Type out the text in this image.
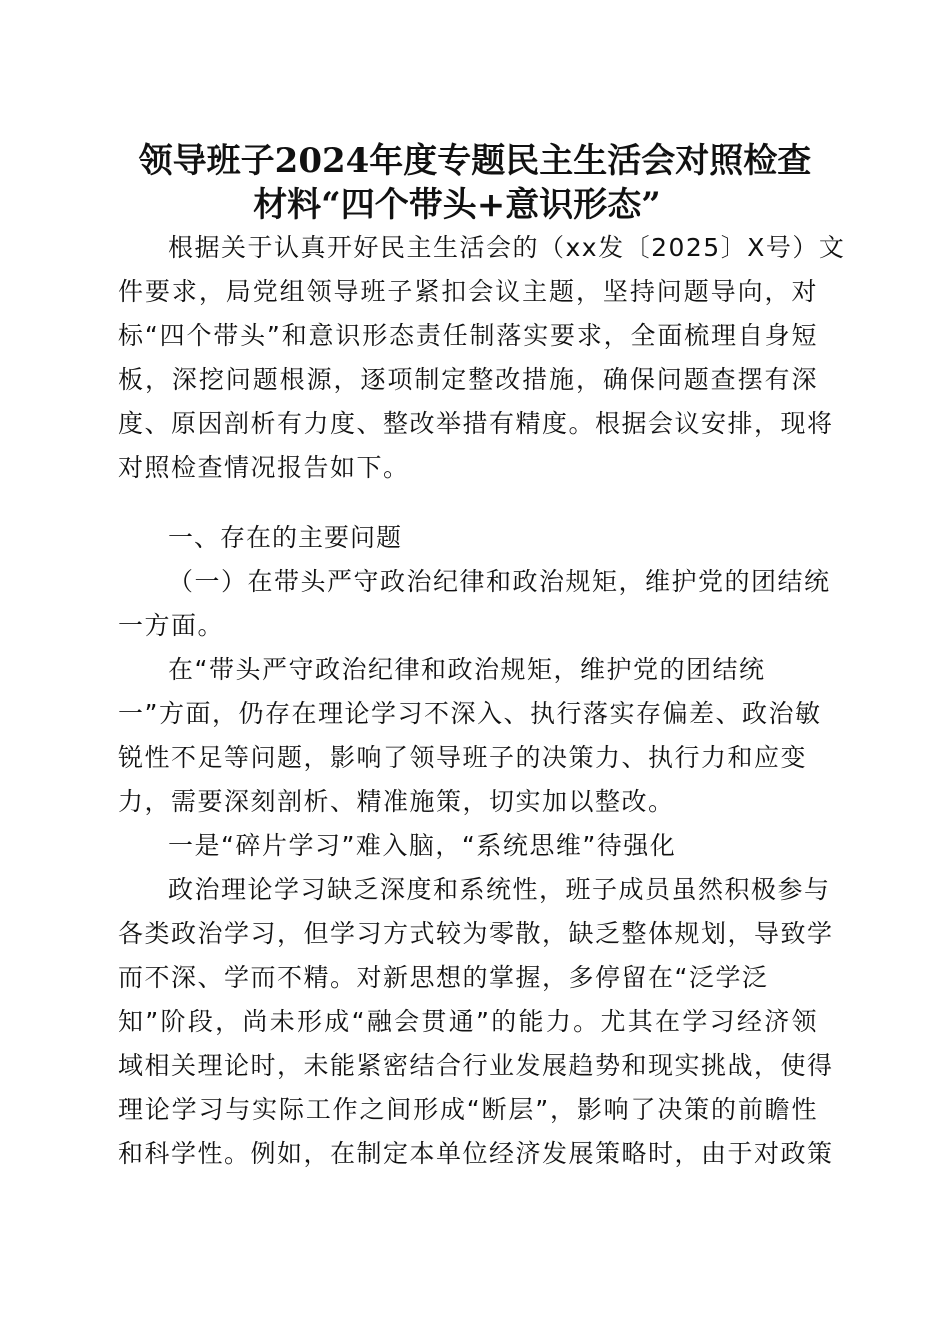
领导班子2024年度专题民主生活会对照检查
材料“四个带头+意识形态”
根据关于认真开好民主生活会的（xx发〔2025〕X号）文
件要求，局党组领导班子紧扣会议主题，坚持问题导向，对
标“四个带头”和意识形态责任制落实要求，全面梳理自身短
板，深挖问题根源，逐项制定整改措施，确保问题查摆有深
度、原因剖析有力度、整改举措有精度。根据会议安排，现将
对照检查情况报告如下。
一、存在的主要问题
（一）在带头严守政治纪律和政治规矩，维护党的团结统
一方面。
在“带头严守政治纪律和政治规矩，维护党的团结统
一”方面，仍存在理论学习不深入、执行落实存偏差、政治敏
锐性不足等问题，影响了领导班子的决策力、执行力和应变
力，需要深刻剖析、精准施策，切实加以整改。
一是“碎片学习”难入脑，“系统思维”待强化
政治理论学习缺乏深度和系统性，班子成员虽然积极参与
各类政治学习，但学习方式较为零散，缺乏整体规划，导致学
而不深、学而不精。对新思想的掌握，多停留在“泛学泛
知”阶段，尚未形成“融会贯通”的能力。尤其在学习经济领
域相关理论时，未能紧密结合行业发展趋势和现实挑战，使得
理论学习与实际工作之间形成“断层”，影响了决策的前瞻性
和科学性。例如，在制定本单位经济发展策略时，由于对政策
